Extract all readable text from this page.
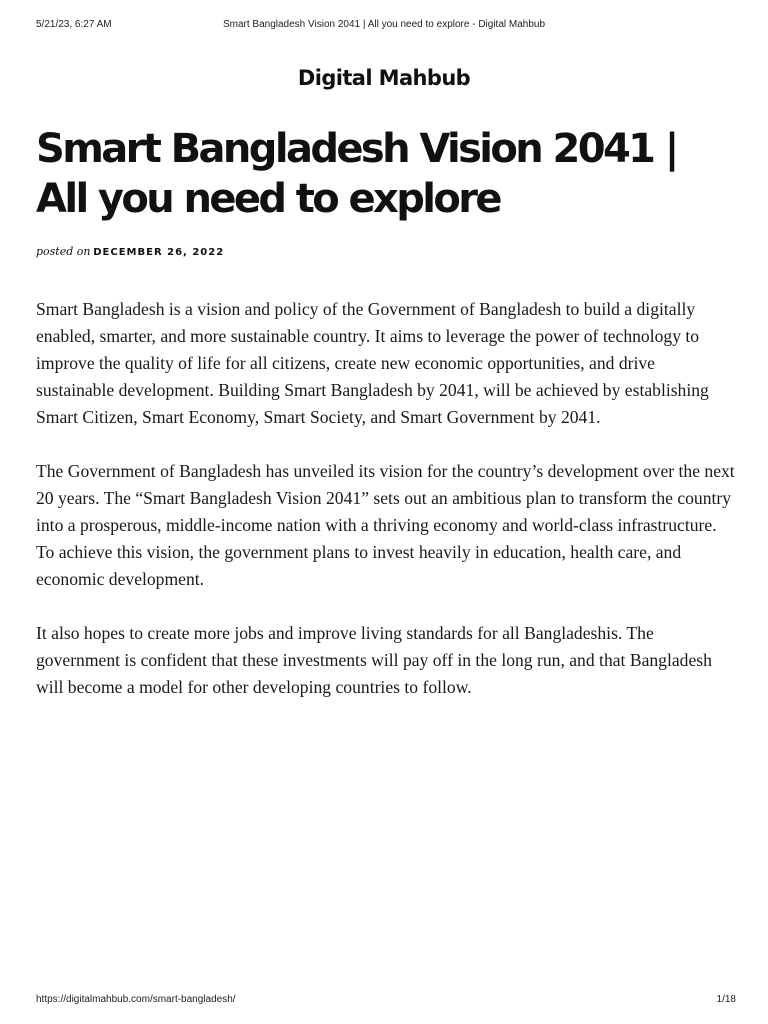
5/21/23, 6:27 AM	Smart Bangladesh Vision 2041 | All you need to explore - Digital Mahbub
Digital Mahbub
Smart Bangladesh Vision 2041 | All you need to explore
posted on DECEMBER 26, 2022

Smart Bangladesh is a vision and policy of the Government of Bangladesh to build a digitally enabled, smarter, and more sustainable country. It aims to leverage the power of technology to improve the quality of life for all citizens, create new economic opportunities, and drive sustainable development. Building Smart Bangladesh by 2041, will be achieved by establishing Smart Citizen, Smart Economy, Smart Society, and Smart Government by 2041.

The Government of Bangladesh has unveiled its vision for the country’s development over the next 20 years. The “Smart Bangladesh Vision 2041” sets out an ambitious plan to transform the country into a prosperous, middle-income nation with a thriving economy and world-class infrastructure. To achieve this vision, the government plans to invest heavily in education, health care, and economic development.

It also hopes to create more jobs and improve living standards for all Bangladeshis. The government is confident that these investments will pay off in the long run, and that Bangladesh will become a model for other developing countries to follow.

https://digitalmahbub.com/smart-bangladesh/	1/18
